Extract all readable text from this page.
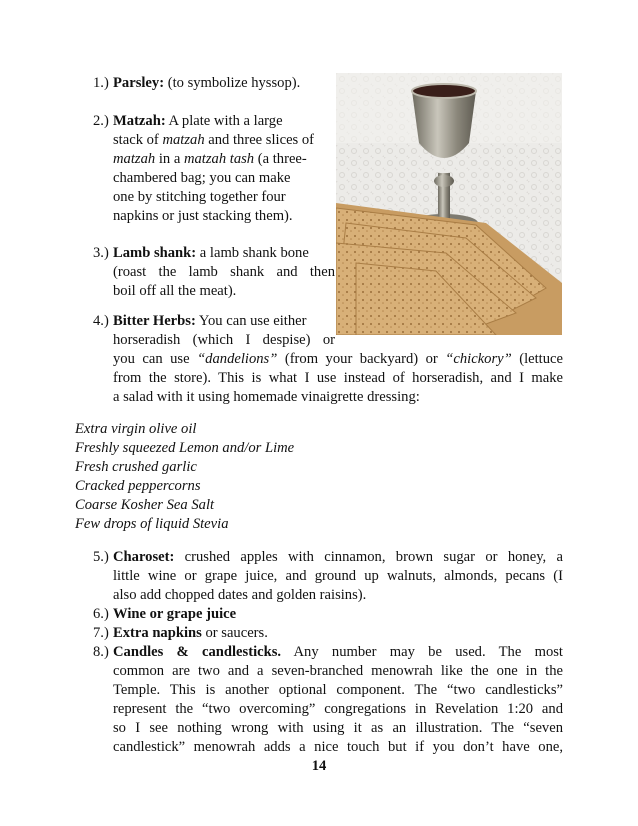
1.) Parsley: (to symbolize hyssop).
2.) Matzah: A plate with a large
stack of matzah and three slices of
matzah in a matzah tash (a three-
chambered bag; you can make
one by stitching together four
napkins or just stacking them).
3.) Lamb shank: a lamb shank bone
(roast the lamb shank and then
boil off all the meat).
4.) Bitter Herbs: You can use either
horseradish (which I despise) or
you can use “dandelions” (from your backyard) or “chickory” (lettuce
from the store). This is what I use instead of horseradish, and I make
a salad with it using homemade vinaigrette dressing:
Extra virgin olive oil
Freshly squeezed Lemon and/or Lime
Fresh crushed garlic
Cracked peppercorns
Coarse Kosher Sea Salt
Few drops of liquid Stevia
5.) Charoset: crushed apples with cinnamon, brown sugar or honey, a
little wine or grape juice, and ground up walnuts, almonds, pecans (I
also add chopped dates and golden raisins).
6.) Wine or grape juice
7.) Extra napkins or saucers.
8.) Candles  &  candlesticks.  Any  number  may  be  used.  The  most
common are two and a seven-branched menowrah like the one in the
Temple. This is another optional component. The “two candlesticks”
represent the “two overcoming” congregations in Revelation 1:20 and
so I see nothing wrong with using it as an illustration. The “seven
candlestick” menowrah adds a nice touch but if you don’t have one,
14
